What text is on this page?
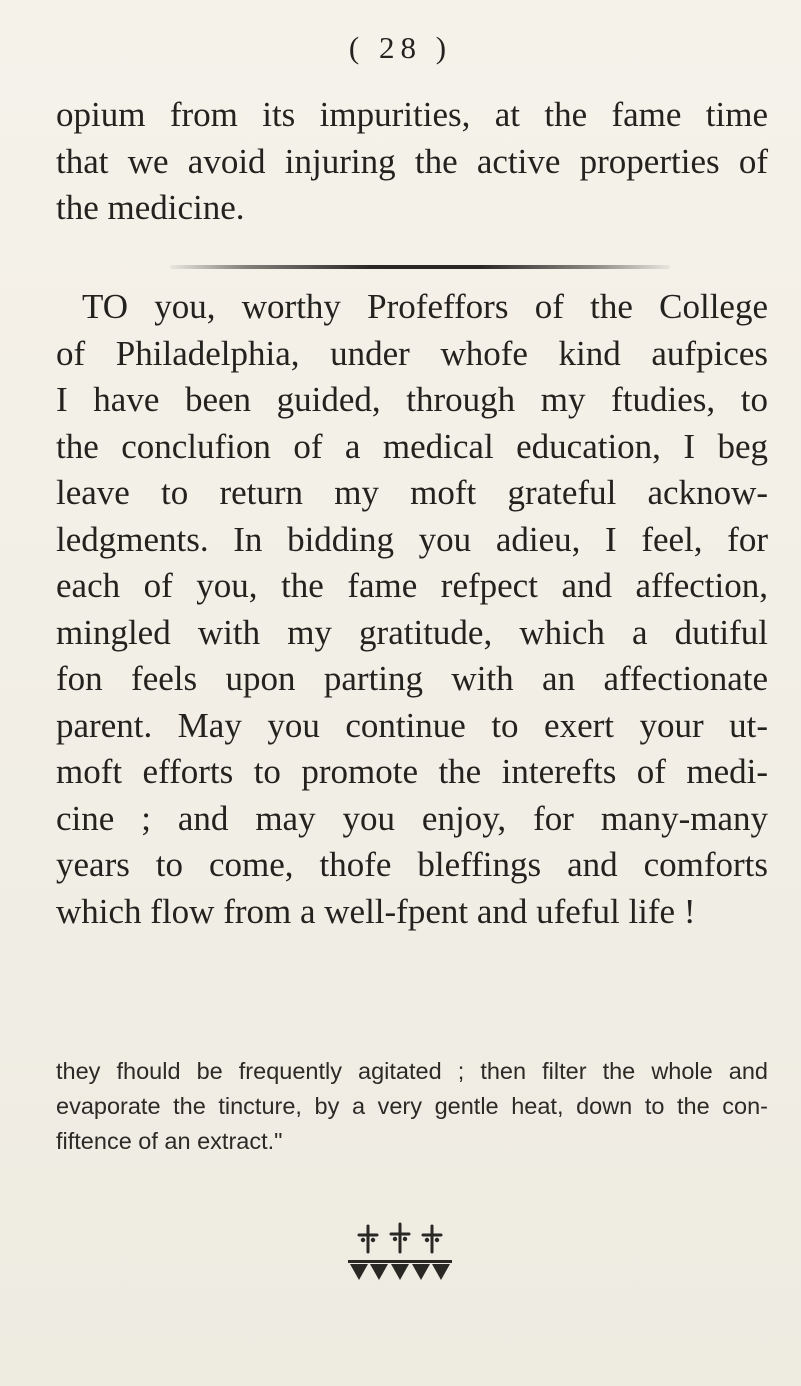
( 28 )

opium from its impurities, at the fame time
that we avoid injuring the active properties of
the medicine.

TO you, worthy Profeffors of the College
of Philadelphia, under whofe kind aufpices
I have been guided, through my ftudies, to
the conclufion of a medical education, I beg
leave to return my moft grateful acknow-
ledgments. In bidding you adieu, I feel, for
each of you, the fame refpect and affection,
mingled with my gratitude, which a dutiful
fon feels upon parting with an affectionate
parent. May you continue to exert your ut-
moft efforts to promote the interefts of medi-
cine ; and may you enjoy, for many-many
years to come, thofe bleffings and comforts
which flow from a well-fpent and ufeful life !

they fhould be frequently agitated ; then filter the whole and
evaporate the tincture, by a very gentle heat, down to the con-
fiftence of an extract."
